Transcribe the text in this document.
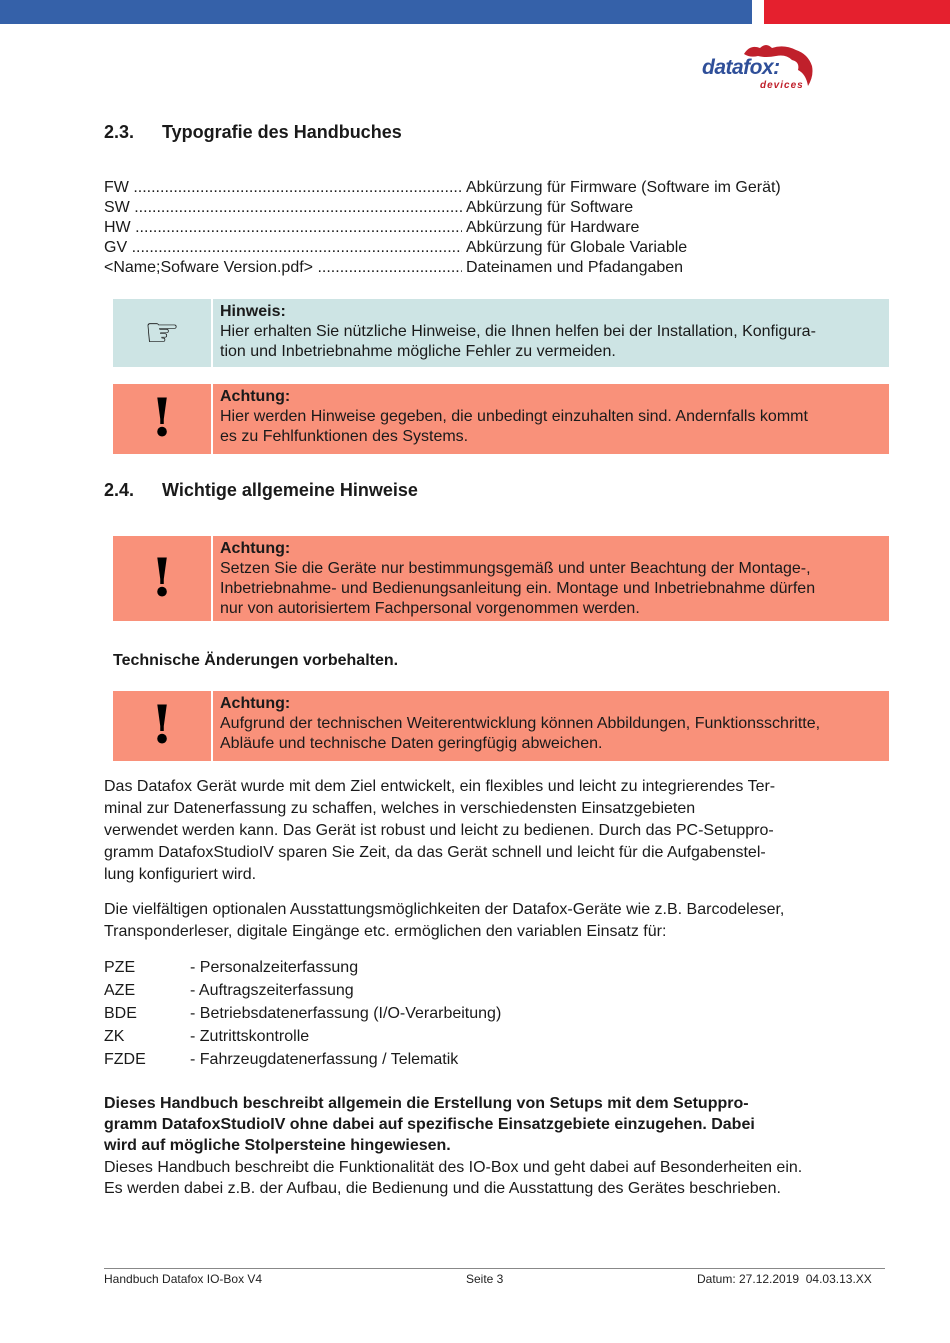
datafox:
devices
2.3. Typografie des Handbuches
FW .....	Abkürzung für Firmware (Software im Gerät)
SW .....	Abkürzung für Software
HW .....	Abkürzung für Hardware
GV .....	Abkürzung für Globale Variable
<Name;Sofware Version.pdf> .....	Dateinamen und Pfadangaben
☞	Hinweis:
Hier erhalten Sie nützliche Hinweise, die Ihnen helfen bei der Installation, Konfigura-
tion und Inbetriebnahme mögliche Fehler zu vermeiden.
!	Achtung:
Hier werden Hinweise gegeben, die unbedingt einzuhalten sind. Andernfalls kommt
es zu Fehlfunktionen des Systems.
2.4. Wichtige allgemeine Hinweise
!	Achtung:
Setzen Sie die Geräte nur bestimmungsgemäß und unter Beachtung der Montage-,
Inbetriebnahme- und Bedienungsanleitung ein. Montage und Inbetriebnahme dürfen
nur von autorisiertem Fachpersonal vorgenommen werden.
Technische Änderungen vorbehalten.
!	Achtung:
Aufgrund der technischen Weiterentwicklung können Abbildungen, Funktionsschritte,
Abläufe und technische Daten geringfügig abweichen.

Das Datafox Gerät wurde mit dem Ziel entwickelt, ein flexibles und leicht zu integrierendes Ter-
minal zur Datenerfassung zu schaffen, welches in verschiedensten Einsatzgebieten
verwendet werden kann. Das Gerät ist robust und leicht zu bedienen. Durch das PC-Setuppro-
gramm DatafoxStudioIV sparen Sie Zeit, da das Gerät schnell und leicht für die Aufgabenstel-
lung konfiguriert wird.

Die vielfältigen optionalen Ausstattungsmöglichkeiten der Datafox-Geräte wie z.B. Barcodeleser,
Transponderleser, digitale Eingänge etc. ermöglichen den variablen Einsatz für:

PZE	- Personalzeiterfassung
AZE	- Auftragszeiterfassung
BDE	- Betriebsdatenerfassung (I/O-Verarbeitung)
ZK	- Zutrittskontrolle
FZDE	- Fahrzeugdatenerfassung / Telematik

Dieses Handbuch beschreibt allgemein die Erstellung von Setups mit dem Setuppro-
gramm DatafoxStudioIV ohne dabei auf spezifische Einsatzgebiete einzugehen. Dabei
wird auf mögliche Stolpersteine hingewiesen.

Dieses Handbuch beschreibt die Funktionalität des IO-Box und geht dabei auf Besonderheiten ein.
Es werden dabei z.B. der Aufbau, die Bedienung und die Ausstattung des Gerätes beschrieben.

Handbuch Datafox IO-Box V4	Seite 3	Datum: 27.12.2019  04.03.13.XX
